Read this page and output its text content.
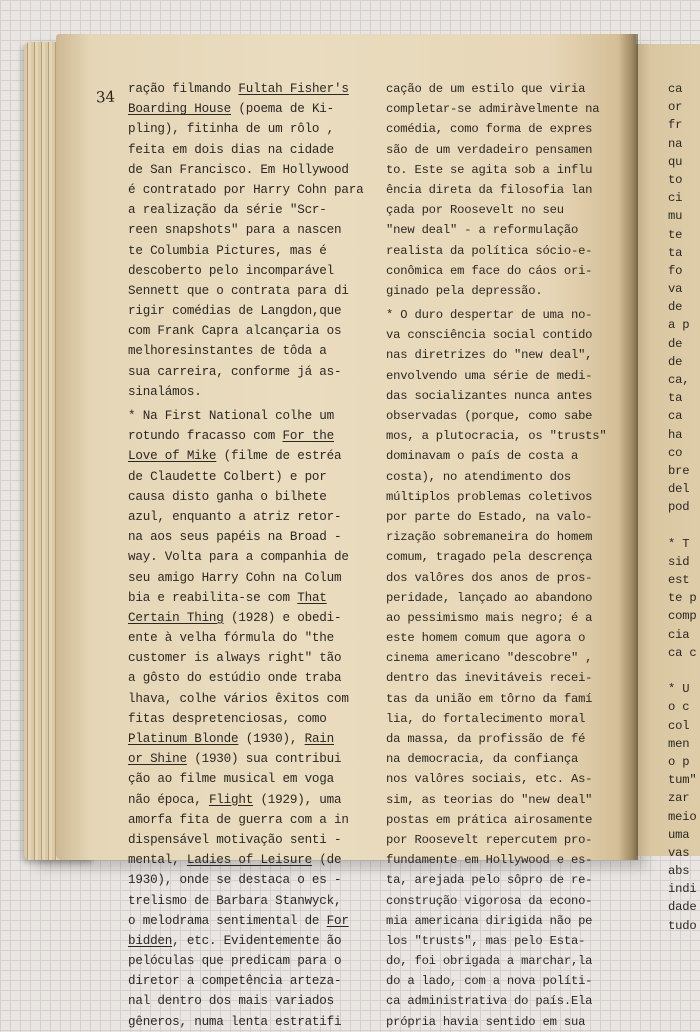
34 ração filmando Fultah Fisher's
Boarding House (poema de Ki-
pling), fitinha de um rôlo ,
feita em dois dias na cidade
de San Francisco. Em Hollywood
é contratado por Harry Cohn para
a realização da série "Scr-
reen snapshots" para a nascen
te Columbia Pictures, mas é
descoberto pelo incomparável
Sennett que o contrata para di
rigir comédias de Langdon,que
com Frank Capra alcançaria os
melhoresinstantes de tôda a
sua carreira, conforme já as-
sinalámos.
* Na First National colhe um
rotundo fracasso com For the
Love of Mike (filme de estréa
de Claudette Colbert) e por
causa disto ganha o bilhete
azul, enquanto a atriz retor-
na aos seus papéis na Broad -
way. Volta para a companhia de
seu amigo Harry Cohn na Colum
bia e reabilita-se com That
Certain Thing (1928) e obedi-
ente à velha fórmula do "the
customer is always right" tão
a gôsto do estúdio onde traba
lhava, colhe vários êxitos com
fitas despretenciosas, como
Platinum Blonde (1930), Rain
or Shine (1930) sua contribui
ção ao filme musical em voga
não época, Flight (1929), uma
amorfa fita de guerra com a in
dispensável motivação senti -
mental, Ladies of Leisure (de
1930), onde se destaca o es -
trelismo de Barbara Stanwyck,
o melodrama sentimental de For
bidden, etc. Evidentemente ão
pelóculas que predicam para o
diretor a competência arteza-
nal dentro dos mais variados
gêneros, numa lenta estratifi
cação de um estilo que viria
completar-se admiràvelmente na
comédia, como forma de expres
são de um verdadeiro pensamen
to. Este se agita sob a influ
ência direta da filosofia lan
çada por Roosevelt no seu
"new deal" - a reformulação
realista da política sócio-e-
conômica em face do cáos ori-
ginado pela depressão.
* O duro despertar de uma no-
va consciência social contido
nas diretrizes do "new deal",
envolvendo uma série de medi-
das socializantes nunca antes
observadas (porque, como sabe
mos, a plutocracia, os "trusts"
dominavam o país de costa a
costa), no atendimento dos
múltiplos problemas coletivos
por parte do Estado, na valo-
rização sobremaneira do homem
comum, tragado pela descrença
dos valôres dos anos de pros-
peridade, lançado ao abandono
ao pessimismo mais negro; é a
este homem comum que agora o
cinema americano "descobre" ,
dentro das inevitáveis recei-
tas da união em tôrno da famí
lia, do fortalecimento moral
da massa, da profissão de fé
na democracia, da confiança
nos valôres sociais, etc. As-
sim, as teorias do "new deal"
postas em prática airosamente
por Roosevelt repercutem pro-
fundamente em Hollywood e es-
ta, arejada pelo sôpro de re-
construção vigorosa da econo-
mia americana dirigida não pe
los "trusts", mas pelo Esta-
do, foi obrigada a marchar,la
do a lado, com a nova políti-
ca administrativa do país.Ela
própria havia sentido em sua
ca
or
fr
na
qu
to
ci
mu
te
ta
fo
va
de
a p
de
de
ca,
ta
ca
ha
co
bre
del
pod
* T
sid
est
te p
comp
cia
ca c
* U
o c
col
men
o p
tum"
zar
meio
uma
vas
abs
indi
dade
tudo
